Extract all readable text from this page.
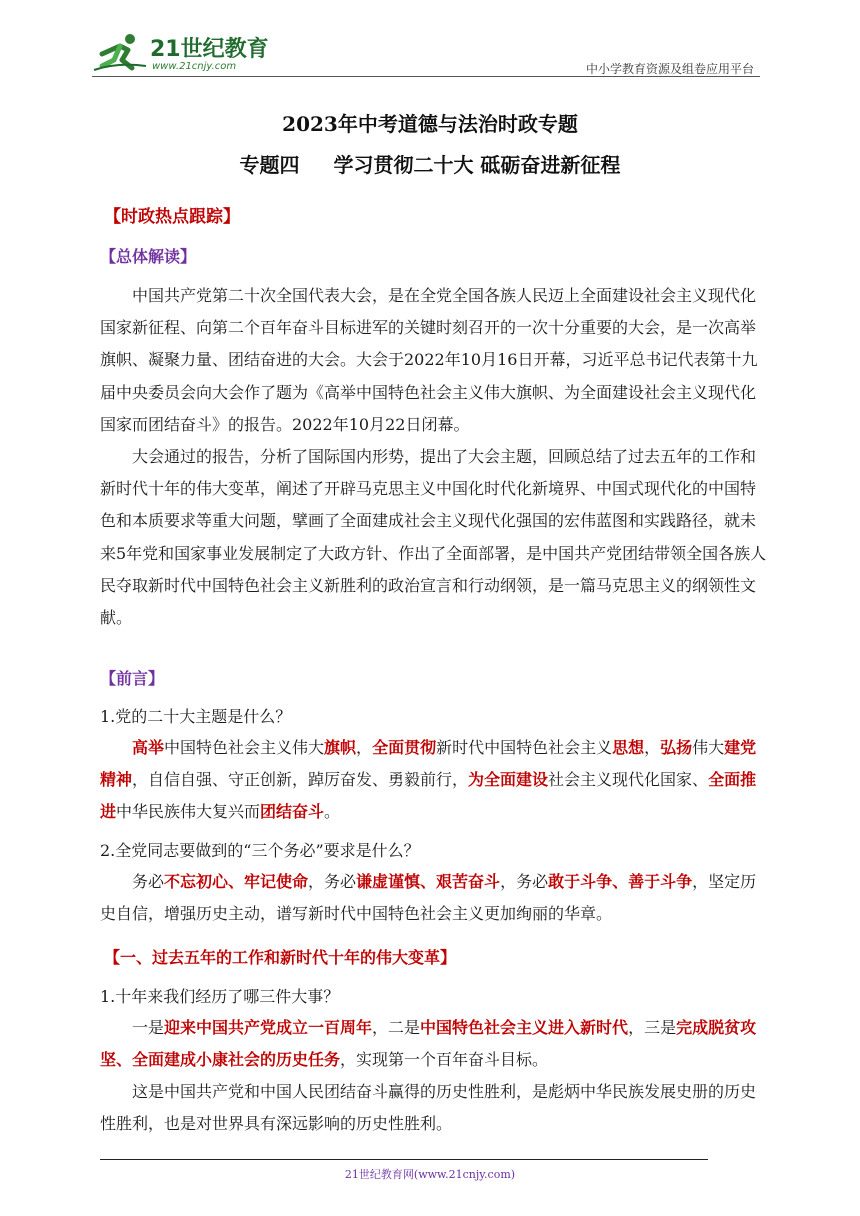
21世纪教育
www.21cnjy.com	中小学教育资源及组卷应用平台
2023年中考道德与法治时政专题
专题四　  学习贯彻二十大 砥砺奋进新征程
【时政热点跟踪】
【总体解读】

中国共产党第二十次全国代表大会，是在全党全国各族人民迈上全面建设社会主义现代化国家新征程、向第二个百年奋斗目标进军的关键时刻召开的一次十分重要的大会，是一次高举旗帜、凝聚力量、团结奋进的大会。大会于2022年10月16日开幕，习近平总书记代表第十九届中央委员会向大会作了题为《高举中国特色社会主义伟大旗帜、为全面建设社会主义现代化国家而团结奋斗》的报告。2022年10月22日闭幕。

大会通过的报告，分析了国际国内形势，提出了大会主题，回顾总结了过去五年的工作和新时代十年的伟大变革，阐述了开辟马克思主义中国化时代化新境界、中国式现代化的中国特色和本质要求等重大问题，擘画了全面建成社会主义现代化强国的宏伟蓝图和实践路径，就未来5年党和国家事业发展制定了大政方针、作出了全面部署，是中国共产党团结带领全国各族人民夺取新时代中国特色社会主义新胜利的政治宣言和行动纲领，是一篇马克思主义的纲领性文献。

【前言】
1.党的二十大主题是什么？

高举中国特色社会主义伟大旗帜，全面贯彻新时代中国特色社会主义思想，弘扬伟大建党精神，自信自强、守正创新，踔厉奋发、勇毅前行，为全面建设社会主义现代化国家、全面推进中华民族伟大复兴而团结奋斗。

2.全党同志要做到的“三个务必”要求是什么？

务必不忘初心、牢记使命，务必谦虚谨慎、艰苦奋斗，务必敢于斗争、善于斗争，坚定历史自信，增强历史主动，谱写新时代中国特色社会主义更加绚丽的华章。

【一、过去五年的工作和新时代十年的伟大变革】
1.十年来我们经历了哪三件大事？

一是迎来中国共产党成立一百周年，二是中国特色社会主义进入新时代，三是完成脱贫攻坚、全面建成小康社会的历史任务，实现第一个百年奋斗目标。

这是中国共产党和中国人民团结奋斗赢得的历史性胜利，是彪炳中华民族发展史册的历史性胜利，也是对世界具有深远影响的历史性胜利。

21世纪教育网(www.21cnjy.com)
